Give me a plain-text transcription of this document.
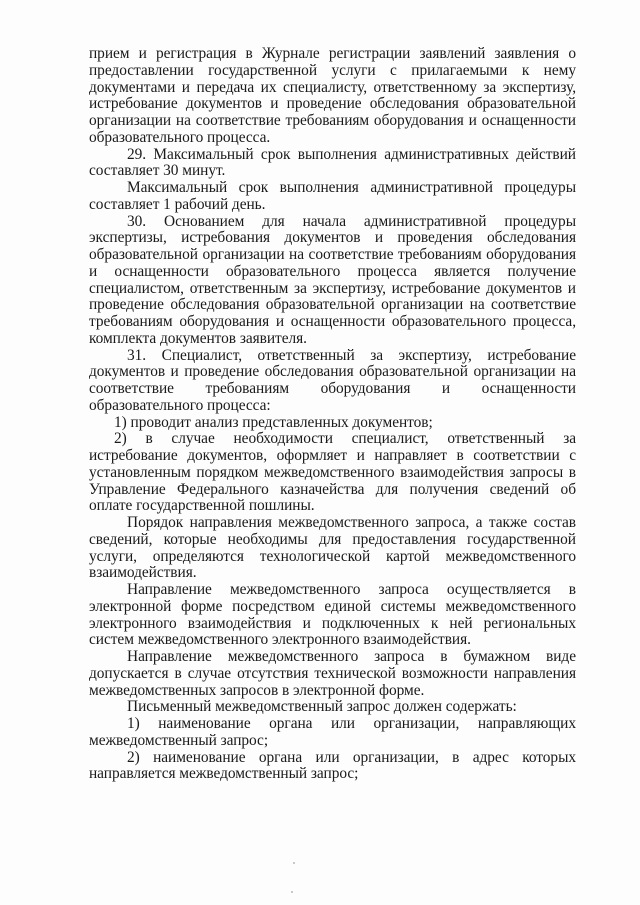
прием и регистрация в Журнале регистрации заявлений заявления о предоставлении государственной услуги с прилагаемыми к нему документами и передача их специалисту, ответственному за экспертизу, истребование документов и проведение обследования образовательной организации на соответствие требованиям оборудования и оснащенности образовательного процесса.

29. Максимальный срок выполнения административных действий составляет 30 минут.

Максимальный срок выполнения административной процедуры составляет 1 рабочий день.

30. Основанием для начала административной процедуры экспертизы, истребования документов и проведения обследования образовательной организации на соответствие требованиям оборудования и оснащенности образовательного процесса является получение специалистом, ответственным за экспертизу, истребование документов и проведение обследования образовательной организации на соответствие требованиям оборудования и оснащенности образовательного процесса, комплекта документов заявителя.

31. Специалист, ответственный за экспертизу, истребование документов и проведение обследования образовательной организации на соответствие требованиям оборудования и оснащенности образовательного процесса:

1) проводит анализ представленных документов;

2) в случае необходимости специалист, ответственный за истребование документов, оформляет и направляет в соответствии с установленным порядком межведомственного взаимодействия запросы в Управление Федерального казначейства для получения сведений об оплате государственной пошлины.

Порядок направления межведомственного запроса, а также состав сведений, которые необходимы для предоставления государственной услуги, определяются технологической картой межведомственного взаимодействия.

Направление межведомственного запроса осуществляется в электронной форме посредством единой системы межведомственного электронного взаимодействия и подключенных к ней региональных систем межведомственного электронного взаимодействия.

Направление межведомственного запроса в бумажном виде допускается в случае отсутствия технической возможности направления межведомственных запросов в электронной форме.

Письменный межведомственный запрос должен содержать:

1) наименование органа или организации, направляющих межведомственный запрос;

2) наименование органа или организации, в адрес которых направляется межведомственный запрос;
